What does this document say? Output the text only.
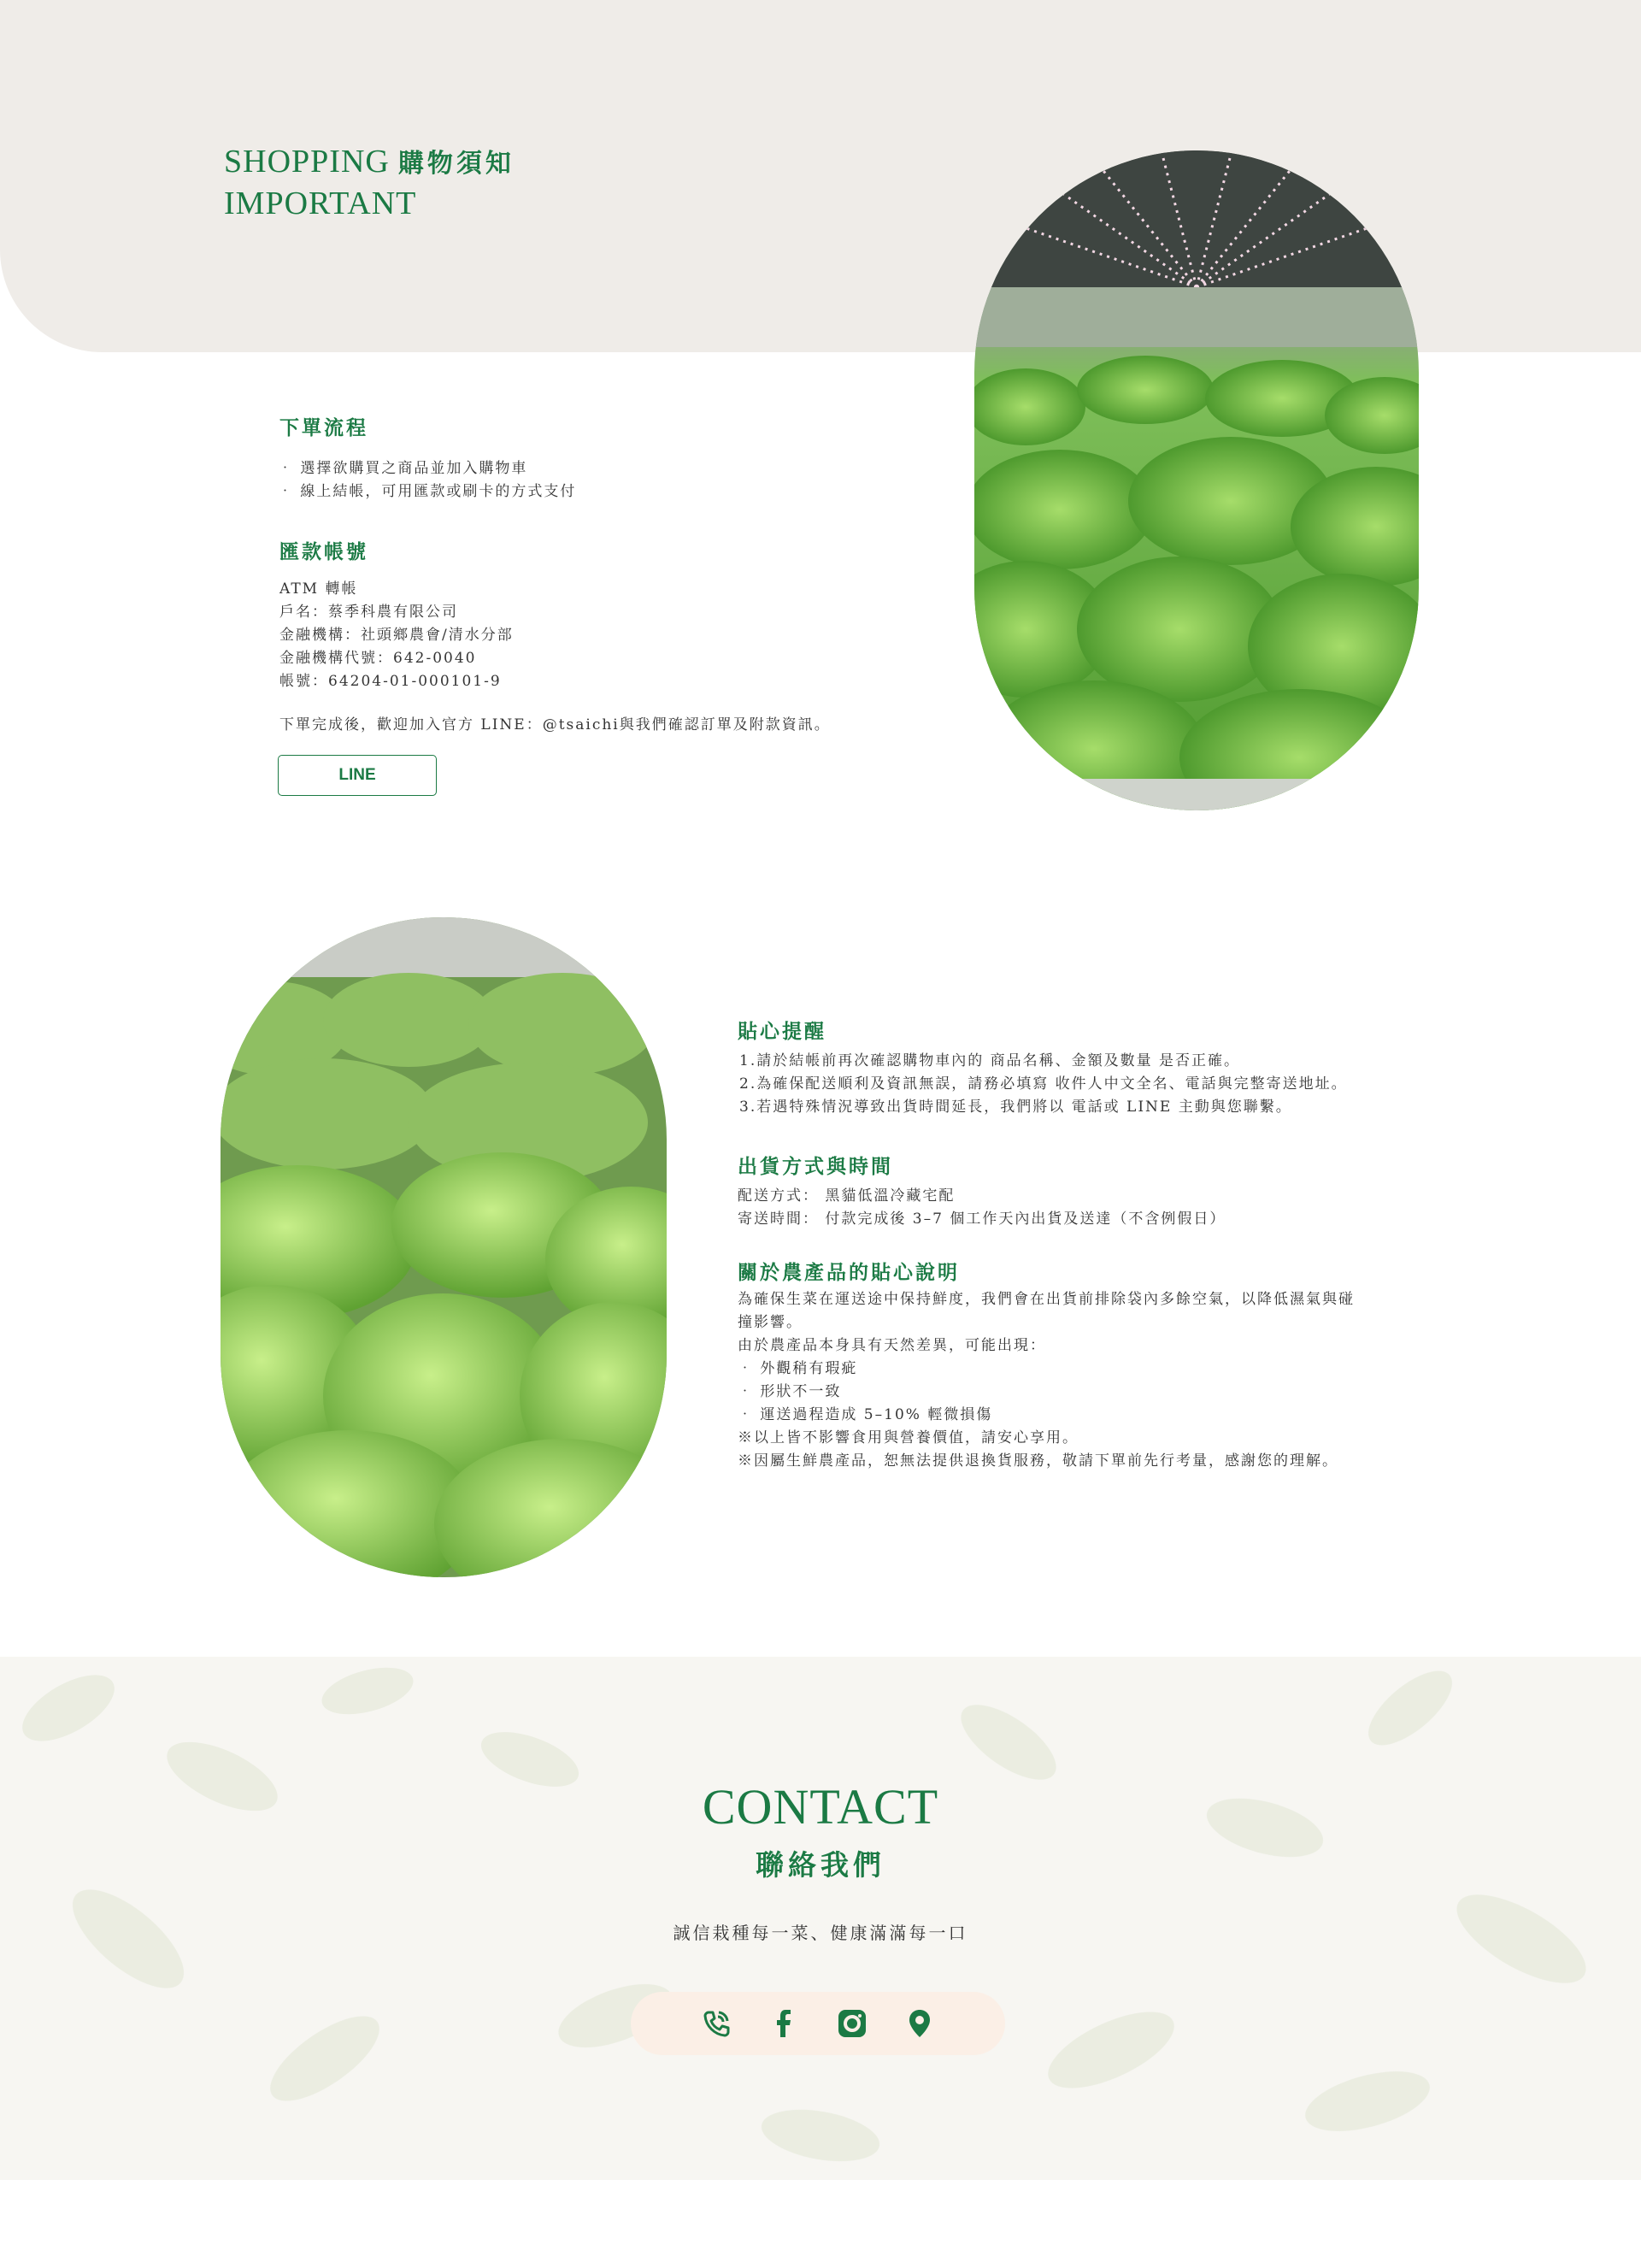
SHOPPING 購物須知
IMPORTANT
下單流程
‧ 選擇欲購買之商品並加入購物車
‧ 線上結帳，可用匯款或刷卡的方式支付
匯款帳號
ATM 轉帳
戶名：蔡季科農有限公司
金融機構：社頭鄉農會/清水分部
金融機構代號：642-0040
帳號：64204-01-000101-9
下單完成後，歡迎加入官方 LINE：@tsaichi與我們確認訂單及附款資訊。
LINE
貼心提醒
1.請於結帳前再次確認購物車內的 商品名稱、金額及數量 是否正確。
2.為確保配送順利及資訊無誤，請務必填寫 收件人中文全名、電話與完整寄送地址。
3.若遇特殊情況導致出貨時間延長，我們將以 電話或 LINE 主動與您聯繫。
出貨方式與時間
配送方式： 黑貓低溫冷藏宅配
寄送時間： 付款完成後 3–7 個工作天內出貨及送達（不含例假日）
關於農產品的貼心說明
為確保生菜在運送途中保持鮮度，我們會在出貨前排除袋內多餘空氣，以降低濕氣與碰
撞影響。
由於農產品本身具有天然差異，可能出現：
‧ 外觀稍有瑕疵
‧ 形狀不一致
‧ 運送過程造成 5–10% 輕微損傷
※以上皆不影響食用與營養價值，請安心享用。
※因屬生鮮農產品，恕無法提供退換貨服務，敬請下單前先行考量，感謝您的理解。
CONTACT
聯絡我們
誠信栽種每一菜、健康滿滿每一口
